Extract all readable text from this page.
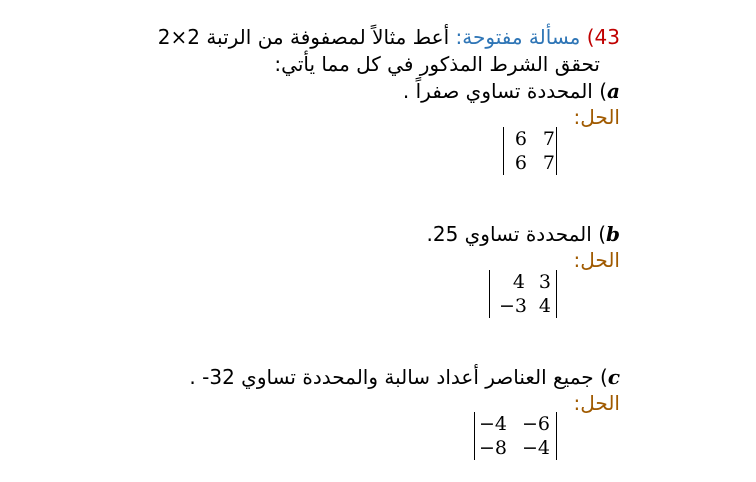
43) مسألة مفتوحة: أعط مثالاً لمصفوفة من الرتبة 2×2
تحقق الشرط المذكور في كل مما يأتي:
a) المحددة تساوي صفراً .
الحل:
6 7
6 7
b) المحددة تساوي 25.
الحل:
4 3
−3 4
c) جميع العناصر أعداد سالبة والمحددة تساوي 32- .
الحل:
−4 −6
−8 −4
